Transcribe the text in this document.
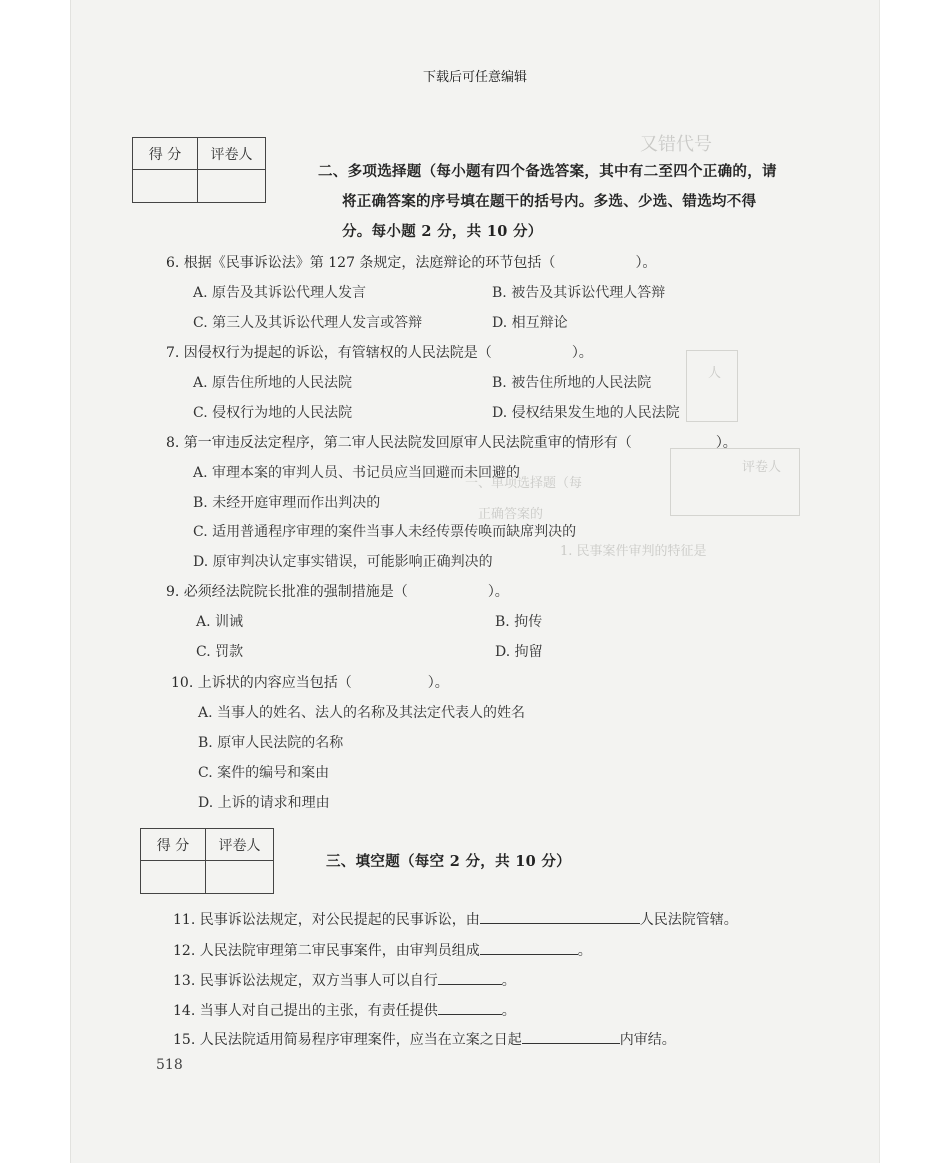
又错代号
一、单项选择题（每
正确答案的
1. 民事案件审判的特征是
人
评卷人
下载后可任意编辑
得 分	评卷人

二、多项选择题（每小题有四个备选答案，其中有二至四个正确的，请
将正确答案的序号填在题干的括号内。多选、少选、错选均不得
分。每小题 2 分，共 10 分）
6. 根据《民事诉讼法》第 127 条规定，法庭辩论的环节包括（	）。
A. 原告及其诉讼代理人发言	B. 被告及其诉讼代理人答辩
C. 第三人及其诉讼代理人发言或答辩	D. 相互辩论
7. 因侵权行为提起的诉讼，有管辖权的人民法院是（	）。
A. 原告住所地的人民法院	B. 被告住所地的人民法院
C. 侵权行为地的人民法院	D. 侵权结果发生地的人民法院
8. 第一审违反法定程序，第二审人民法院发回原审人民法院重审的情形有（	）。
A. 审理本案的审判人员、书记员应当回避而未回避的
B. 未经开庭审理而作出判决的
C. 适用普通程序审理的案件当事人未经传票传唤而缺席判决的
D. 原审判决认定事实错误，可能影响正确判决的
9. 必须经法院院长批准的强制措施是（	）。
A. 训诫	B. 拘传
C. 罚款	D. 拘留
10. 上诉状的内容应当包括（	）。
A. 当事人的姓名、法人的名称及其法定代表人的姓名
B. 原审人民法院的名称
C. 案件的编号和案由
D. 上诉的请求和理由
得 分	评卷人

三、填空题（每空 2 分，共 10 分）
11. 民事诉讼法规定，对公民提起的民事诉讼，由	人民法院管辖。
12. 人民法院审理第二审民事案件，由审判员组成	。
13. 民事诉讼法规定，双方当事人可以自行	。
14. 当事人对自己提出的主张，有责任提供	。
15. 人民法院适用简易程序审理案件，应当在立案之日起	内审结。
518
